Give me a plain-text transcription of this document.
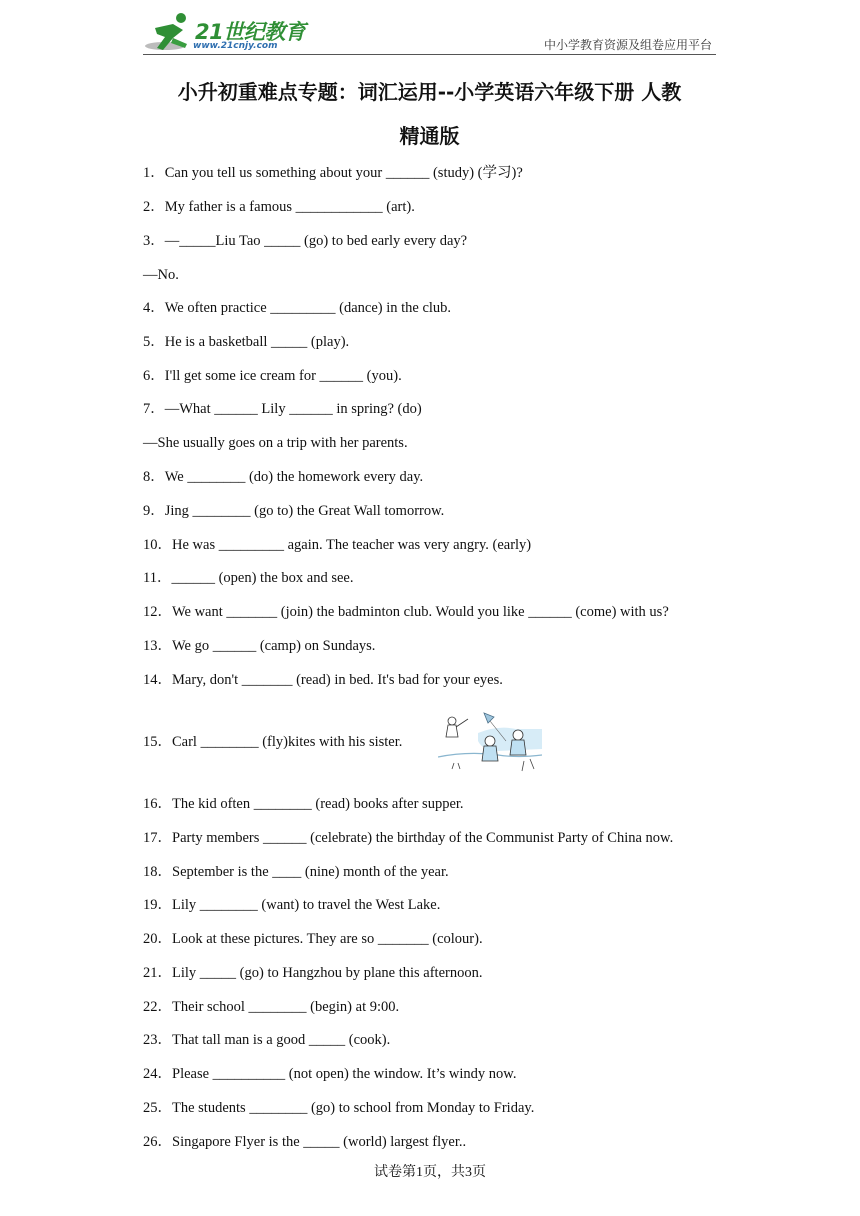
21世纪教育
www.21cnjy.com	中小学教育资源及组卷应用平台
小升初重难点专题：词汇运用--小学英语六年级下册 人教
精通版
1．Can you tell us something about your ______ (study) (学习)?
2．My father is a famous ____________ (art).
3．—_____Liu Tao _____ (go) to bed early every day?
—No.
4．We often practice _________ (dance) in the club.
5．He is a basketball _____ (play).
6．I'll get some ice cream for ______ (you).
7．—What ______ Lily ______ in spring? (do)
—She usually goes on a trip with her parents.
8．We ________ (do) the homework every day.
9．Jing ________ (go to) the Great Wall tomorrow.
10．He was _________ again. The teacher was very angry. (early)
11．______ (open) the box and see.
12．We want _______ (join) the badminton club. Would you like ______ (come) with us?
13．We go ______ (camp) on Sundays.
14．Mary, don't _______ (read) in bed. It's bad for your eyes.
15．Carl ________ (fly)kites with his sister.
16．The kid often ________ (read) books after supper.
17．Party members ______ (celebrate) the birthday of the Communist Party of China now.
18．September is the ____ (nine) month of the year.
19．Lily ________ (want) to travel the West Lake.
20．Look at these pictures. They are so _______ (colour).
21．Lily _____ (go) to Hangzhou by plane this afternoon.
22．Their school ________ (begin) at 9:00.
23．That tall man is a good _____ (cook).
24．Please __________ (not open) the window. It’s windy now.
25．The students ________ (go) to school from Monday to Friday.
26．Singapore Flyer is the _____ (world) largest flyer..
试卷第1页，共3页
